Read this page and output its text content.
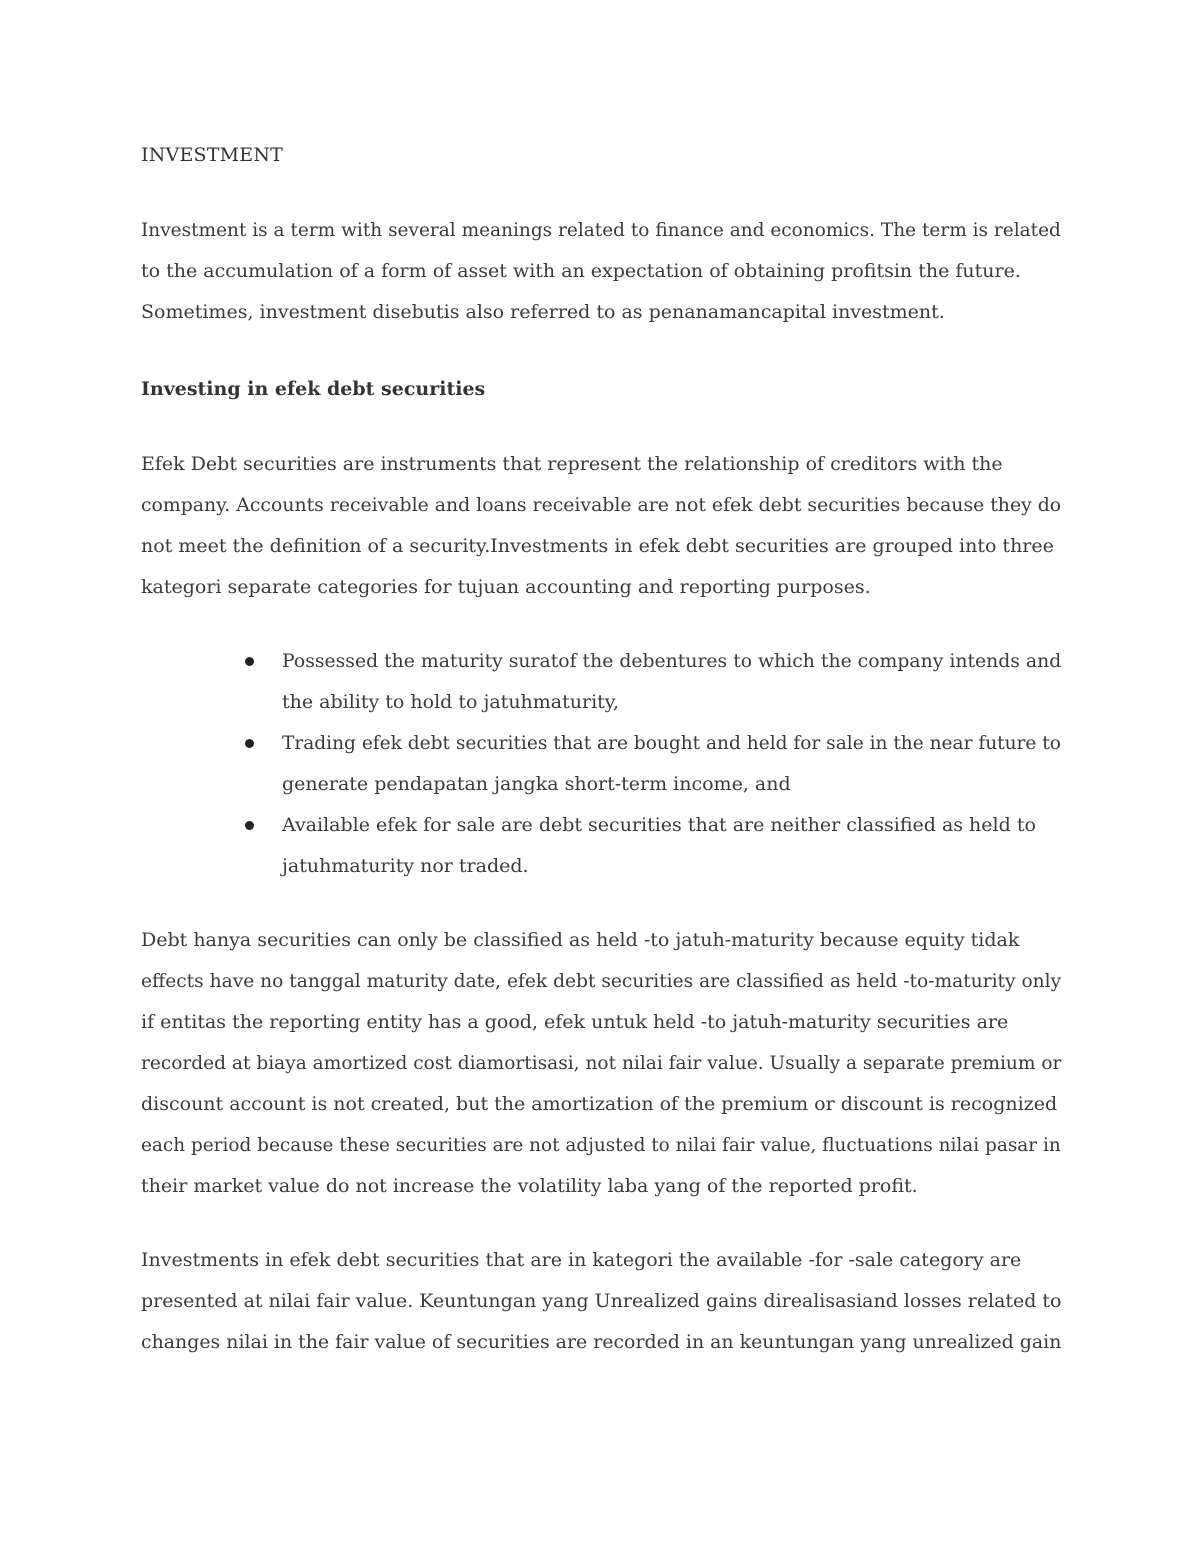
INVESTMENT

Investment is a term with several meanings related to finance and economics. The term is related
to the accumulation of a form of asset with an expectation of obtaining profitsin the future.
Sometimes, investment disebutis also referred to as penanamancapital investment.

Investing in efek debt securities

Efek Debt securities are instruments that represent the relationship of creditors with the
company. Accounts receivable and loans receivable are not efek debt securities because they do
not meet the definition of a security.Investments in efek debt securities are grouped into three
kategori separate categories for tujuan accounting and reporting purposes.

Possessed the maturity suratof the debentures to which the company intends and
the ability to hold to jatuhmaturity,
Trading efek debt securities that are bought and held for sale in the near future to
generate pendapatan jangka short-term income, and
Available efek for sale are debt securities that are neither classified as held to
jatuhmaturity nor traded.

Debt hanya securities can only be classified as held -to jatuh-maturity because equity tidak
effects have no tanggal maturity date, efek debt securities are classified as held -to-maturity only
if entitas the reporting entity has a good, efek untuk held -to jatuh-maturity securities are
recorded at biaya amortized cost diamortisasi, not nilai fair value. Usually a separate premium or
discount account is not created, but the amortization of the premium or discount is recognized
each period because these securities are not adjusted to nilai fair value, fluctuations nilai pasar in
their market value do not increase the volatility laba yang of the reported profit.

Investments in efek debt securities that are in kategori the available -for -sale category are
presented at nilai fair value. Keuntungan yang Unrealized gains direalisasiand losses related to
changes nilai in the fair value of securities are recorded in an keuntungan yang unrealized gain
